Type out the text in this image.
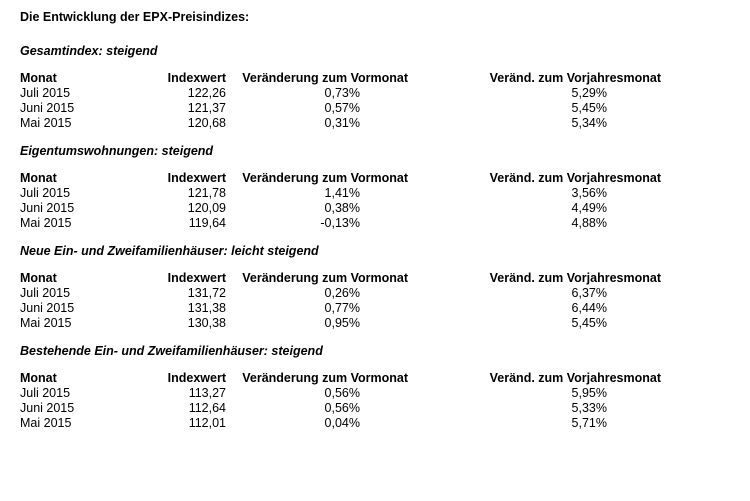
Die Entwicklung der EPX-Preisindizes:
Gesamtindex: steigend
Monat	Indexwert	Veränderung zum Vormonat	Veränd. zum Vorjahresmonat
Juli 2015	122,26	0,73%	5,29%
Juni 2015	121,37	0,57%	5,45%
Mai 2015	120,68	0,31%	5,34%
Eigentumswohnungen: steigend
Monat	Indexwert	Veränderung zum Vormonat	Veränd. zum Vorjahresmonat
Juli 2015	121,78	1,41%	3,56%
Juni 2015	120,09	0,38%	4,49%
Mai 2015	119,64	-0,13%	4,88%
Neue Ein- und Zweifamilienhäuser: leicht steigend
Monat	Indexwert	Veränderung zum Vormonat	Veränd. zum Vorjahresmonat
Juli 2015	131,72	0,26%	6,37%
Juni 2015	131,38	0,77%	6,44%
Mai 2015	130,38	0,95%	5,45%
Bestehende Ein- und Zweifamilienhäuser: steigend
Monat	Indexwert	Veränderung zum Vormonat	Veränd. zum Vorjahresmonat
Juli 2015	113,27	0,56%	5,95%
Juni 2015	112,64	0,56%	5,33%
Mai 2015	112,01	0,04%	5,71%
